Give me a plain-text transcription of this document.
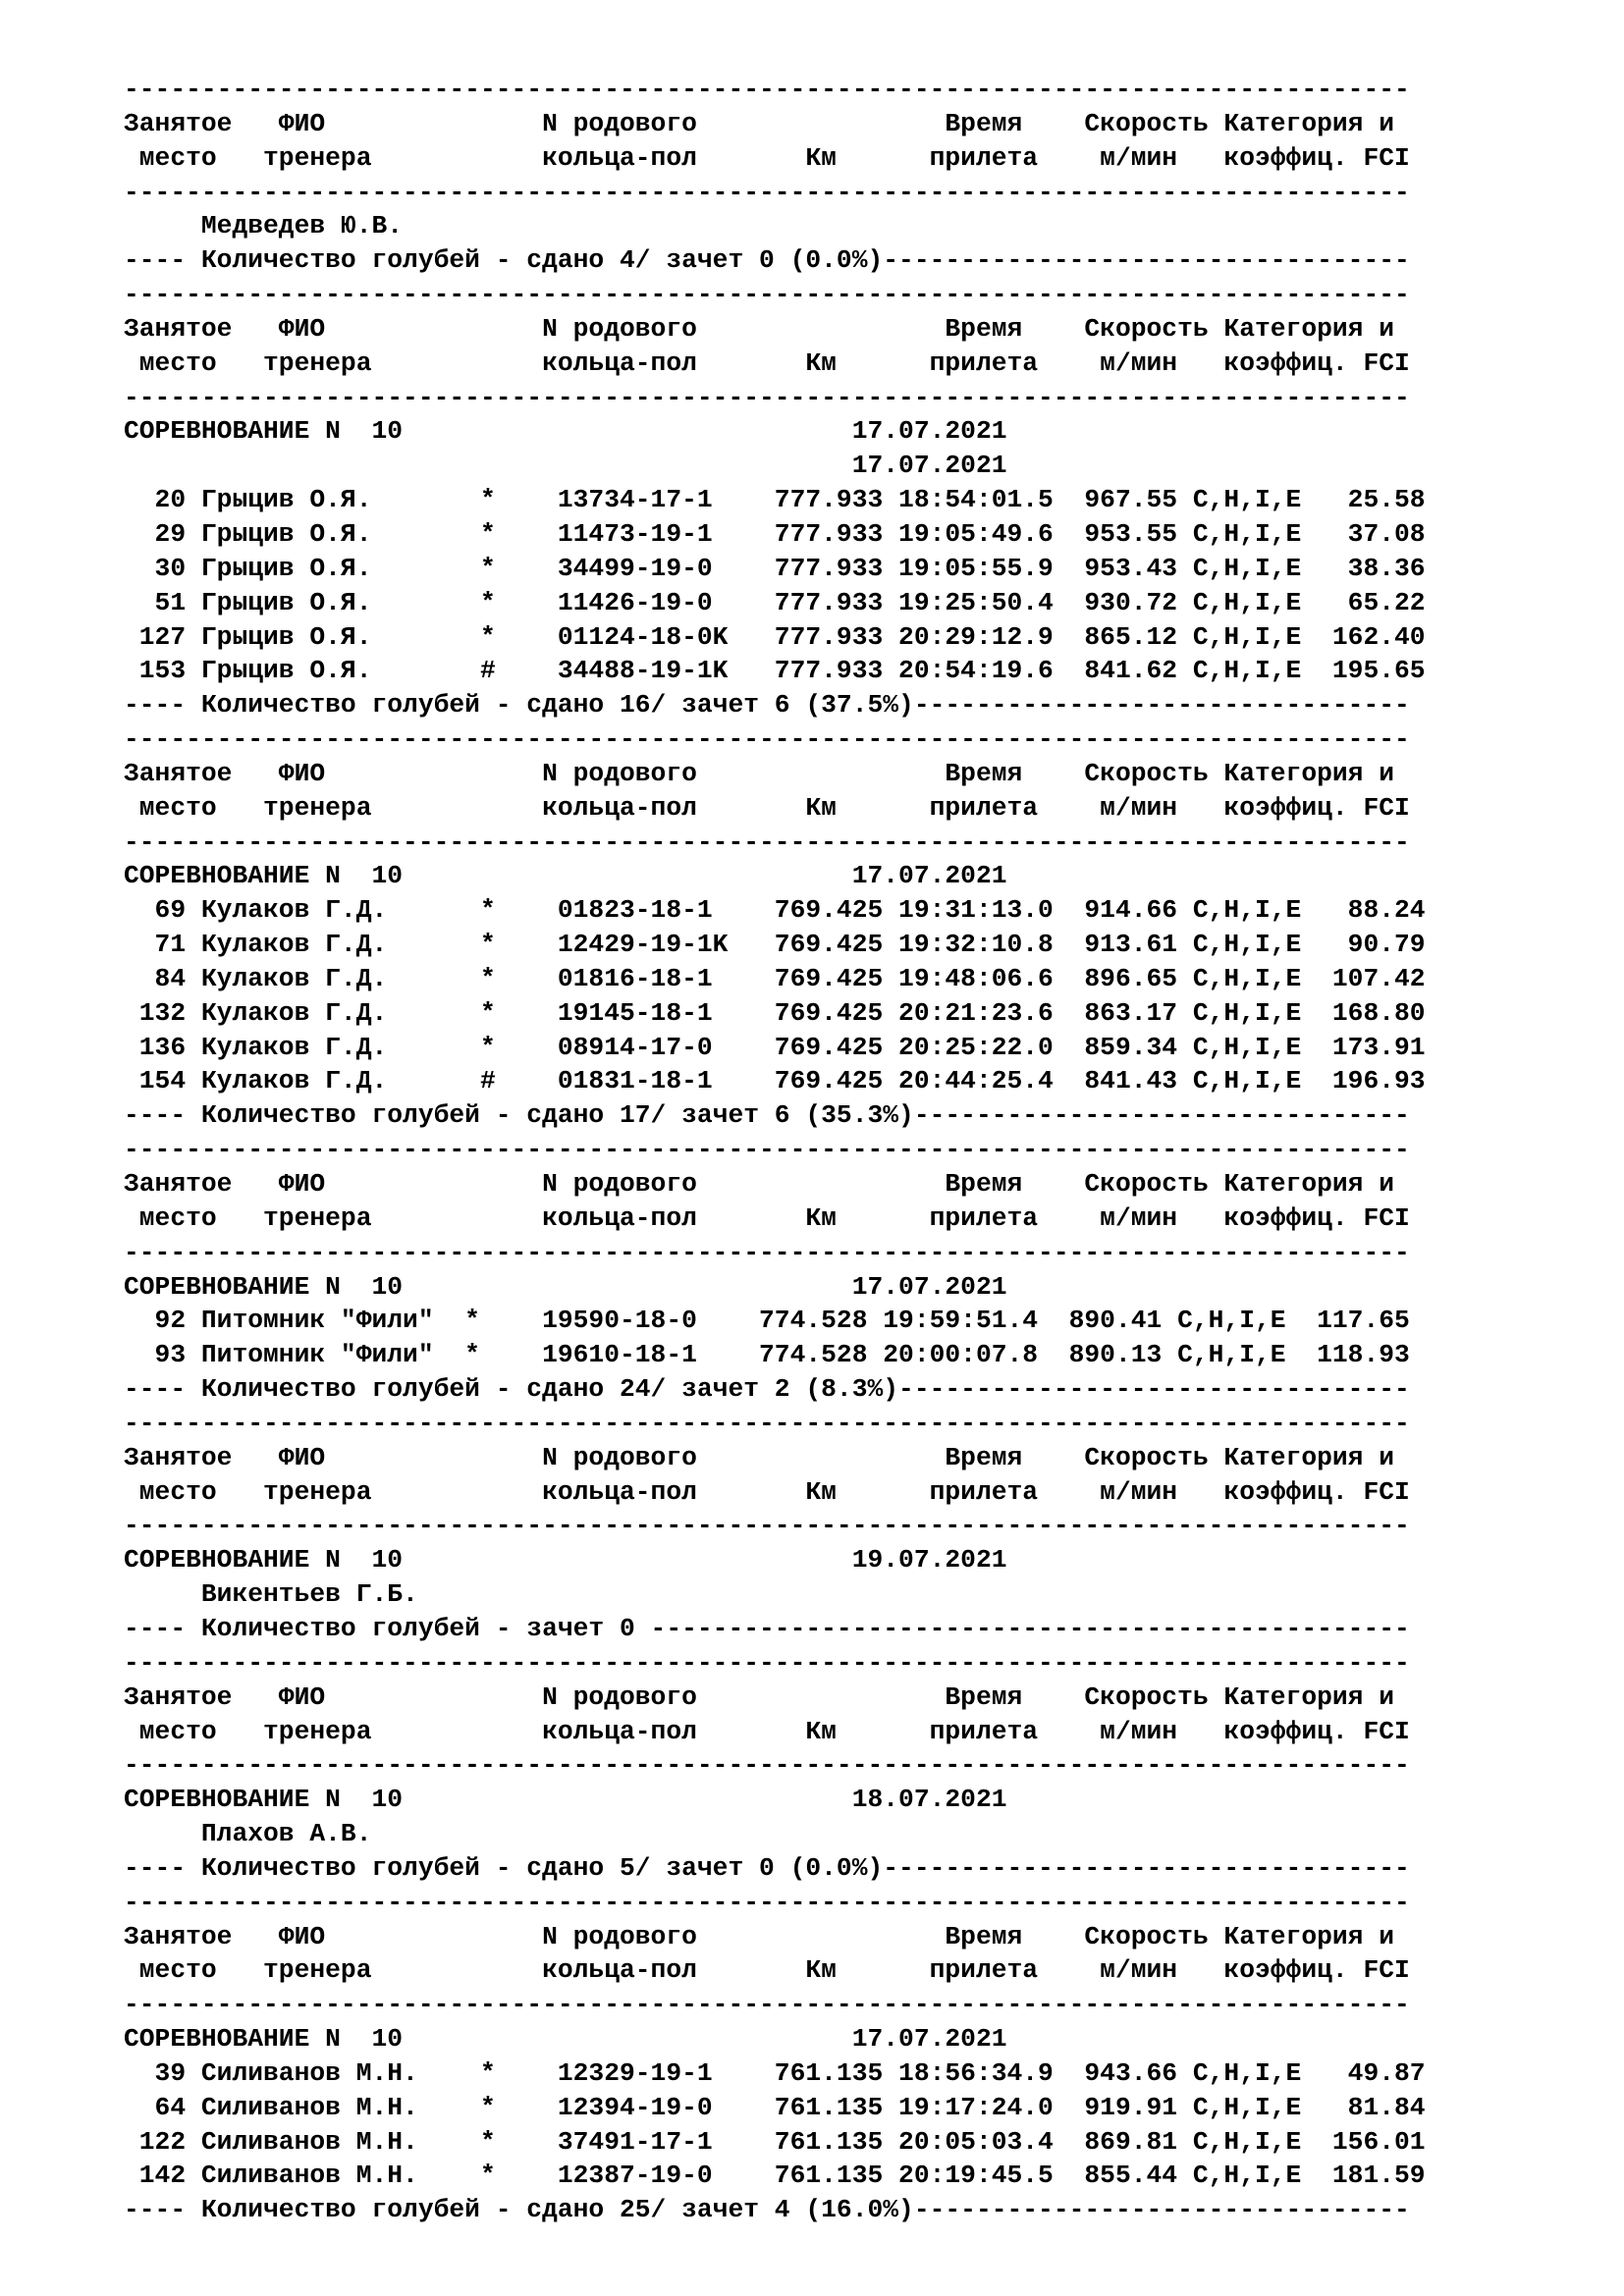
-----------------------------------------------------------------------------------
Занятое   ФИО              N родового                Время    Скорость Категория и
место   тренера           кольца-пол       Км      прилета    м/мин   коэффиц. FCI
-----------------------------------------------------------------------------------
Медведев Ю.В.
---- Количество голубей - сдано 4/ зачет 0 (0.0%)----------------------------------
-----------------------------------------------------------------------------------
Занятое   ФИО              N родового                Время    Скорость Категория и
место   тренера           кольца-пол       Км      прилета    м/мин   коэффиц. FCI
-----------------------------------------------------------------------------------
СОРЕВНОВАНИЕ N  10                             17.07.2021
17.07.2021
20 Грыцив О.Я.       *    13734-17-1    777.933 18:54:01.5  967.55 C,H,I,E   25.58
29 Грыцив О.Я.       *    11473-19-1    777.933 19:05:49.6  953.55 C,H,I,E   37.08
30 Грыцив О.Я.       *    34499-19-0    777.933 19:05:55.9  953.43 C,H,I,E   38.36
51 Грыцив О.Я.       *    11426-19-0    777.933 19:25:50.4  930.72 C,H,I,E   65.22
127 Грыцив О.Я.       *    01124-18-0K   777.933 20:29:12.9  865.12 C,H,I,E  162.40
153 Грыцив О.Я.       #    34488-19-1K   777.933 20:54:19.6  841.62 C,H,I,E  195.65
---- Количество голубей - сдано 16/ зачет 6 (37.5%)--------------------------------
-----------------------------------------------------------------------------------
Занятое   ФИО              N родового                Время    Скорость Категория и
место   тренера           кольца-пол       Км      прилета    м/мин   коэффиц. FCI
-----------------------------------------------------------------------------------
СОРЕВНОВАНИЕ N  10                             17.07.2021
69 Кулаков Г.Д.      *    01823-18-1    769.425 19:31:13.0  914.66 C,H,I,E   88.24
71 Кулаков Г.Д.      *    12429-19-1K   769.425 19:32:10.8  913.61 C,H,I,E   90.79
84 Кулаков Г.Д.      *    01816-18-1    769.425 19:48:06.6  896.65 C,H,I,E  107.42
132 Кулаков Г.Д.      *    19145-18-1    769.425 20:21:23.6  863.17 C,H,I,E  168.80
136 Кулаков Г.Д.      *    08914-17-0    769.425 20:25:22.0  859.34 C,H,I,E  173.91
154 Кулаков Г.Д.      #    01831-18-1    769.425 20:44:25.4  841.43 C,H,I,E  196.93
---- Количество голубей - сдано 17/ зачет 6 (35.3%)--------------------------------
-----------------------------------------------------------------------------------
Занятое   ФИО              N родового                Время    Скорость Категория и
место   тренера           кольца-пол       Км      прилета    м/мин   коэффиц. FCI
-----------------------------------------------------------------------------------
СОРЕВНОВАНИЕ N  10                             17.07.2021
92 Питомник "Фили"  *    19590-18-0    774.528 19:59:51.4  890.41 C,H,I,E  117.65
93 Питомник "Фили"  *    19610-18-1    774.528 20:00:07.8  890.13 C,H,I,E  118.93
---- Количество голубей - сдано 24/ зачет 2 (8.3%)---------------------------------
-----------------------------------------------------------------------------------
Занятое   ФИО              N родового                Время    Скорость Категория и
место   тренера           кольца-пол       Км      прилета    м/мин   коэффиц. FCI
-----------------------------------------------------------------------------------
СОРЕВНОВАНИЕ N  10                             19.07.2021
Викентьев Г.Б.
---- Количество голубей - зачет 0 -------------------------------------------------
-----------------------------------------------------------------------------------
Занятое   ФИО              N родового                Время    Скорость Категория и
место   тренера           кольца-пол       Км      прилета    м/мин   коэффиц. FCI
-----------------------------------------------------------------------------------
СОРЕВНОВАНИЕ N  10                             18.07.2021
Плахов А.В.
---- Количество голубей - сдано 5/ зачет 0 (0.0%)----------------------------------
-----------------------------------------------------------------------------------
Занятое   ФИО              N родового                Время    Скорость Категория и
место   тренера           кольца-пол       Км      прилета    м/мин   коэффиц. FCI
-----------------------------------------------------------------------------------
СОРЕВНОВАНИЕ N  10                             17.07.2021
39 Силиванов М.Н.    *    12329-19-1    761.135 18:56:34.9  943.66 C,H,I,E   49.87
64 Силиванов М.Н.    *    12394-19-0    761.135 19:17:24.0  919.91 C,H,I,E   81.84
122 Силиванов М.Н.    *    37491-17-1    761.135 20:05:03.4  869.81 C,H,I,E  156.01
142 Силиванов М.Н.    *    12387-19-0    761.135 20:19:45.5  855.44 C,H,I,E  181.59
---- Количество голубей - сдано 25/ зачет 4 (16.0%)--------------------------------
